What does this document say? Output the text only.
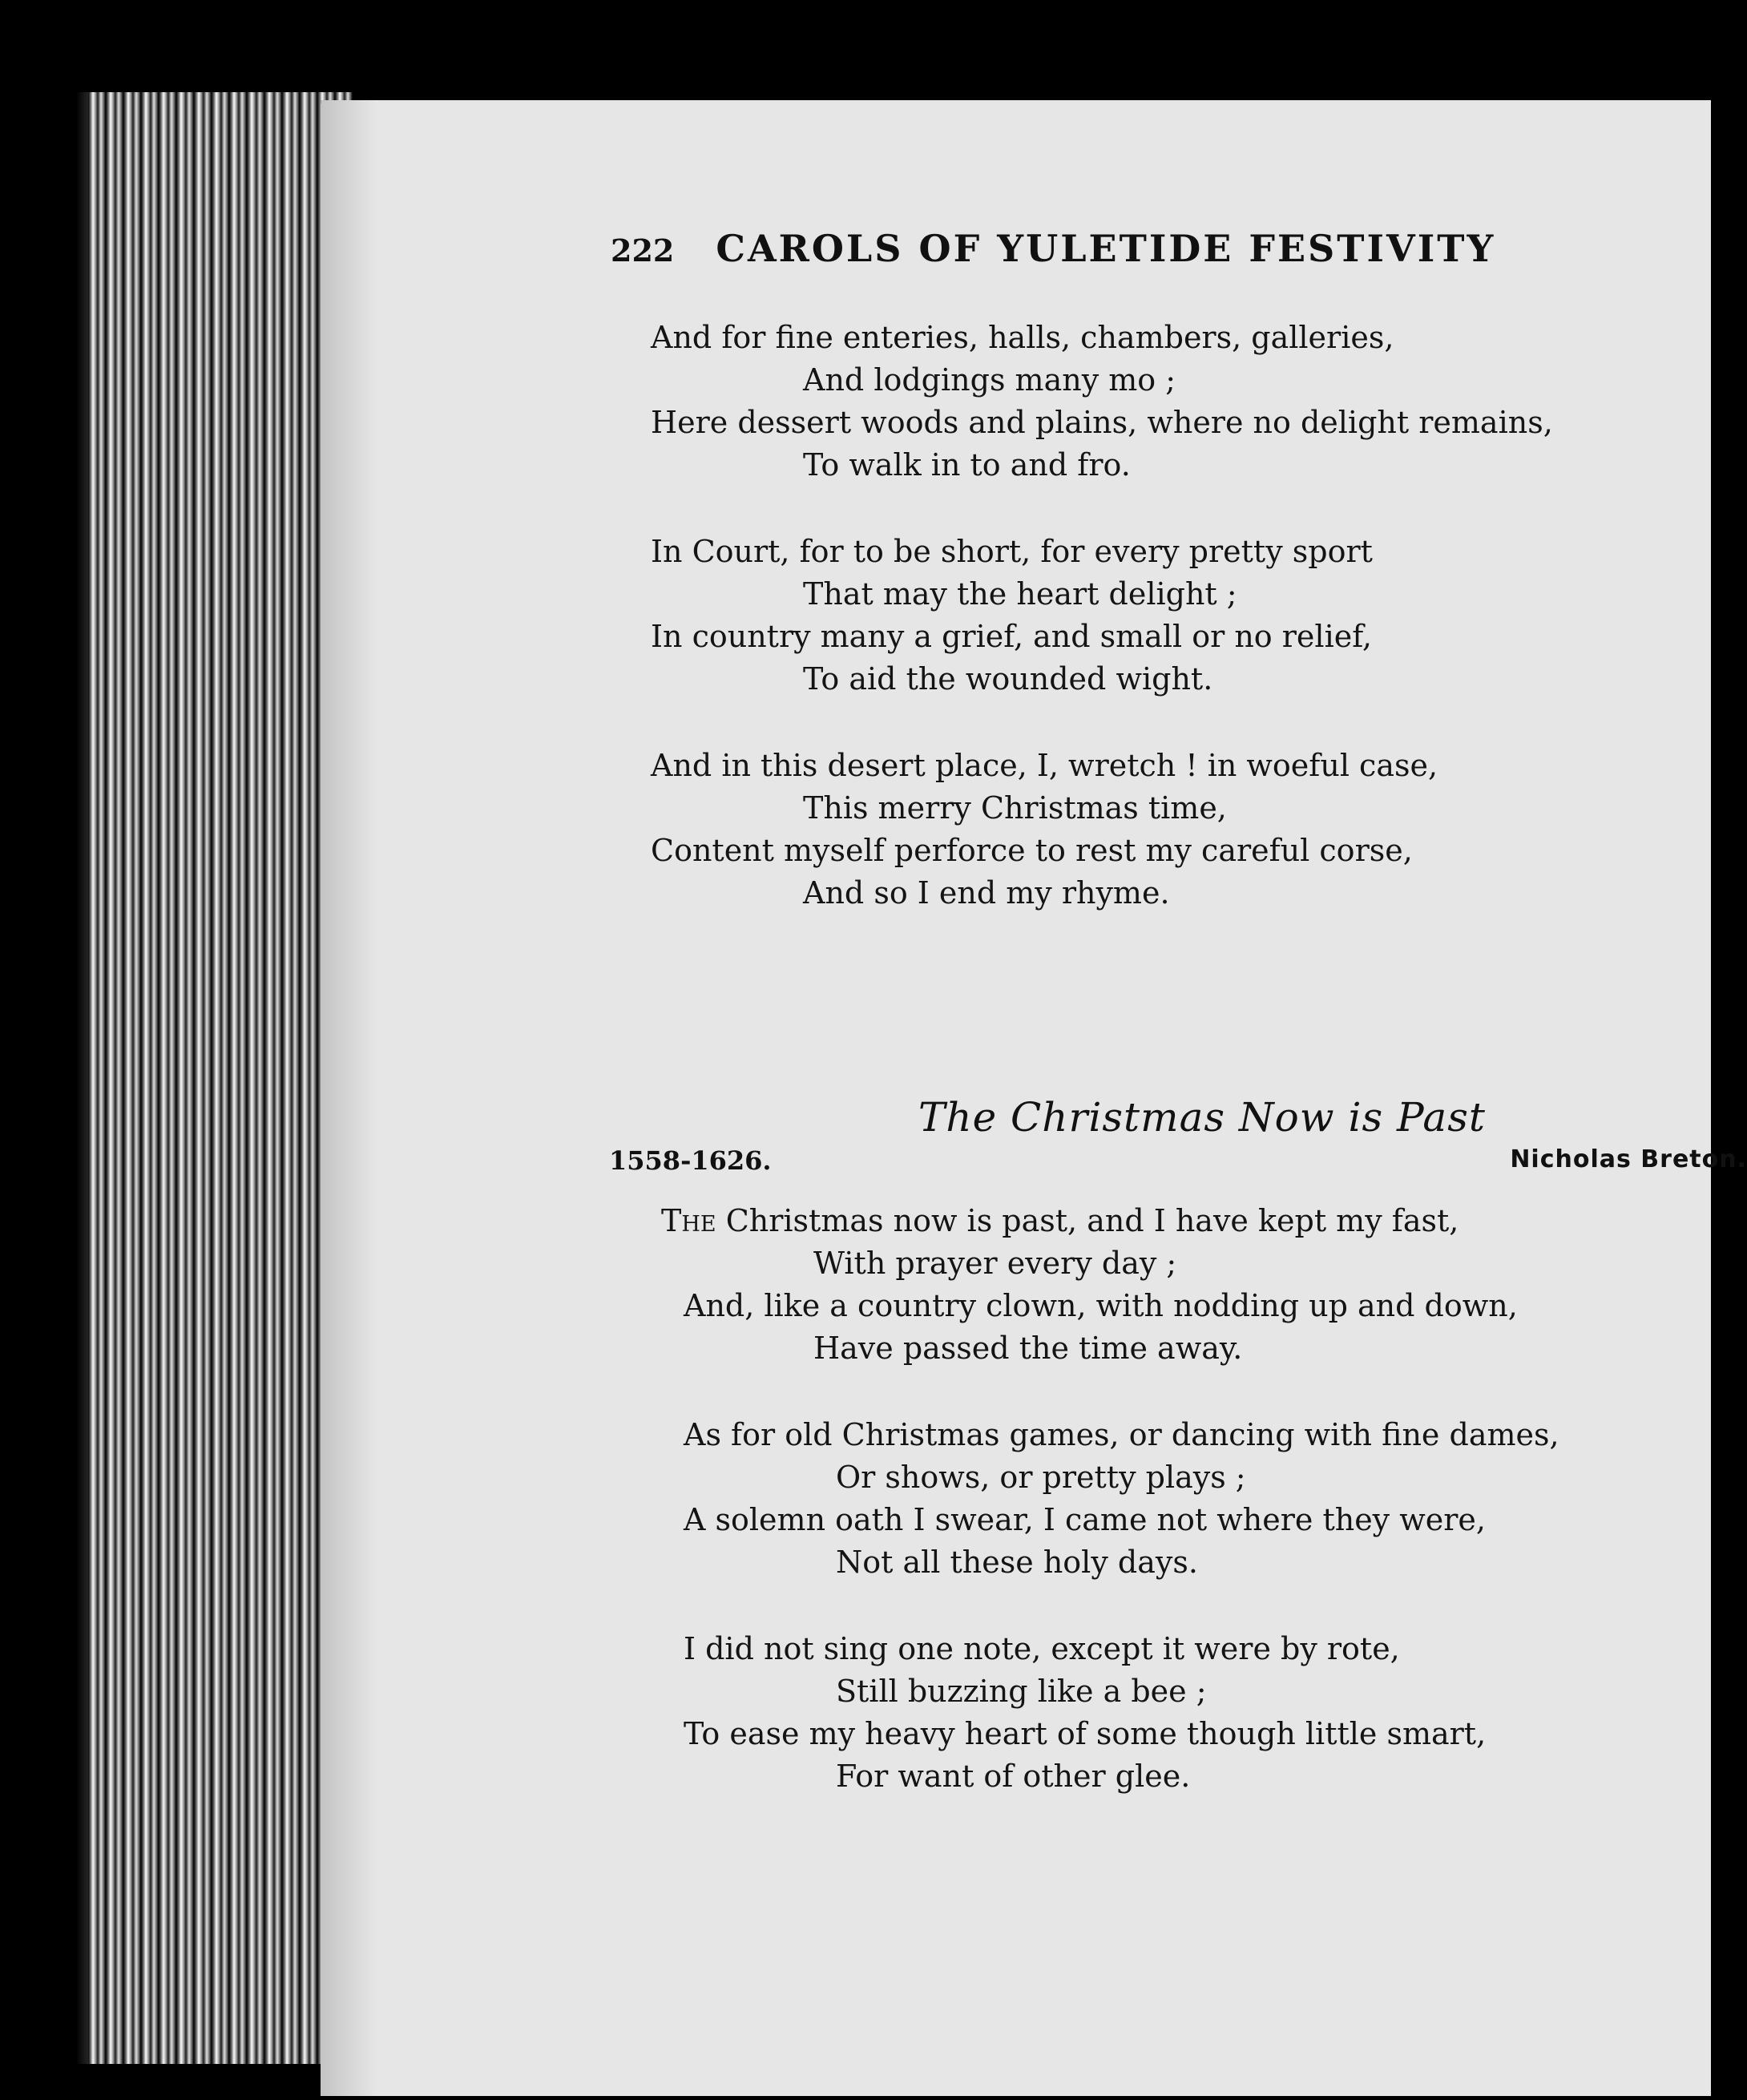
222 CAROLS OF YULETIDE FESTIVITY
And for fine enteries, halls, chambers, galleries,
And lodgings many mo ;
Here dessert woods and plains, where no delight remains,
To walk in to and fro.
In Court, for to be short, for every pretty sport
That may the heart delight ;
In country many a grief, and small or no relief,
To aid the wounded wight.
And in this desert place, I, wretch ! in woeful case,
This merry Christmas time,
Content myself perforce to rest my careful corse,
And so I end my rhyme.
The Christmas Now is Past
1558-1626.	Nicholas Breton.
The Christmas now is past, and I have kept my fast,
With prayer every day ;
And, like a country clown, with nodding up and down,
Have passed the time away.
As for old Christmas games, or dancing with fine dames,
Or shows, or pretty plays ;
A solemn oath I swear, I came not where they were,
Not all these holy days.
I did not sing one note, except it were by rote,
Still buzzing like a bee ;
To ease my heavy heart of some though little smart,
For want of other glee.
